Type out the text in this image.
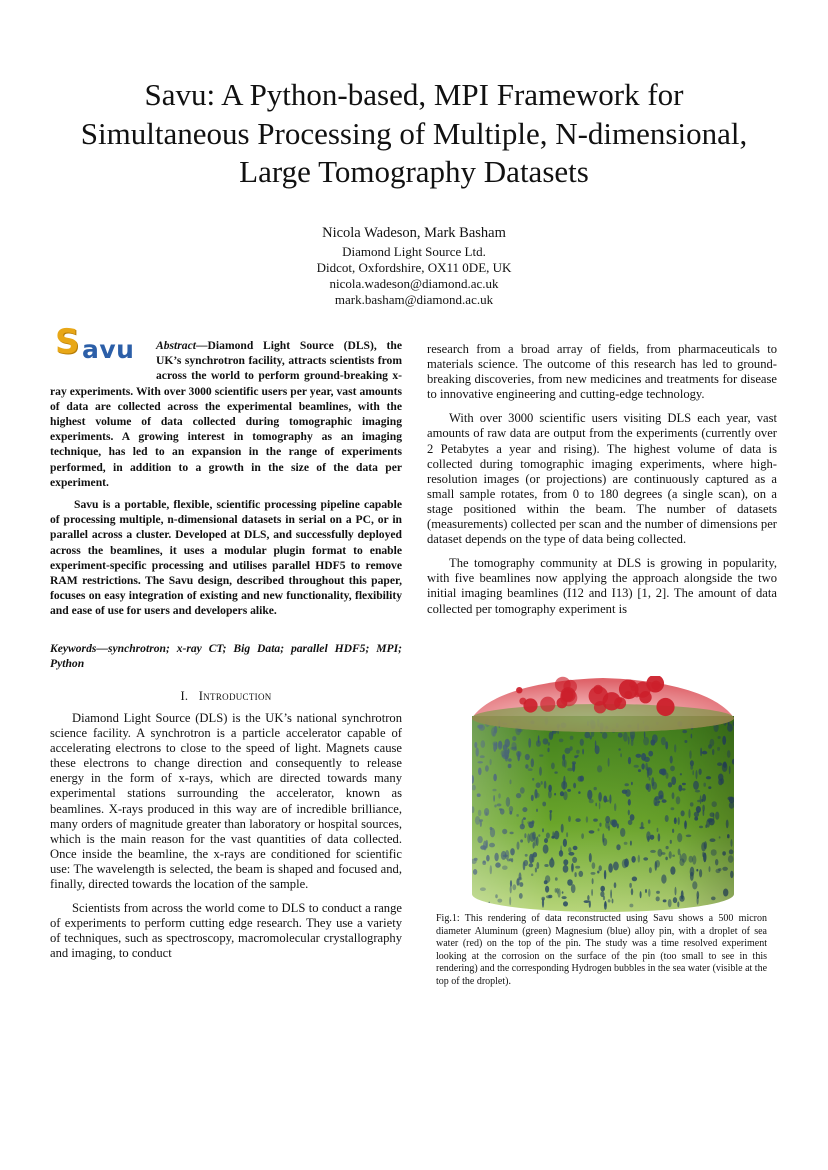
Savu: A Python-based, MPI Framework for
Simultaneous Processing of Multiple, N-dimensional,
Large Tomography Datasets
Nicola Wadeson, Mark Basham
Diamond Light Source Ltd.
Didcot, Oxfordshire, OX11 0DE, UK
nicola.wadeson@diamond.ac.uk
mark.basham@diamond.ac.uk
S avu	Abstract—Diamond Light Source (DLS), the UK’s synchrotron facility, attracts scientists from across the world to perform ground-breaking x-ray experiments. With over 3000 scientific users per year, vast amounts of data are collected across the experimental beamlines, with the highest volume of data collected during tomographic imaging experiments. A growing interest in tomography as an imaging technique, has led to an expansion in the range of experiments performed, in addition to a growth in the size of the data per experiment.

Savu is a portable, flexible, scientific processing pipeline capable of processing multiple, n-dimensional datasets in serial on a PC, or in parallel across a cluster. Developed at DLS, and successfully deployed across the beamlines, it uses a modular plugin format to enable experiment-specific processing and utilises parallel HDF5 to remove RAM restrictions. The Savu design, described throughout this paper, focuses on easy integration of existing and new functionality, flexibility and ease of use for users and developers alike.

Keywords—synchrotron; x-ray CT; Big Data; parallel HDF5; MPI; Python

I. Introduction

Diamond Light Source (DLS) is the UK’s national synchrotron science facility. A synchrotron is a particle accelerator capable of accelerating electrons to close to the speed of light. Magnets cause these electrons to change direction and consequently to release energy in the form of x-rays, which are directed towards many experimental stations surrounding the accelerator, known as beamlines. X-rays produced in this way are of incredible brilliance, many orders of magnitude greater than laboratory or hospital sources, which is the main reason for the vast quantities of data collected. Once inside the beamline, the x-rays are conditioned for scientific use: The wavelength is selected, the beam is shaped and focused and, finally, directed towards the location of the sample.

Scientists from across the world come to DLS to conduct a range of experiments to perform cutting edge research. They use a variety of techniques, such as spectroscopy, macromolecular crystallography and imaging, to conduct

research from a broad array of fields, from pharmaceuticals to materials science. The outcome of this research has led to ground-breaking discoveries, from new medicines and treatments for disease to innovative engineering and cutting-edge technology.

With over 3000 scientific users visiting DLS each year, vast amounts of raw data are output from the experiments (currently over 2 Petabytes a year and rising). The highest volume of data is collected during tomographic imaging experiments, where high-resolution images (or projections) are continuously captured as a small sample rotates, from 0 to 180 degrees (a single scan), on a stage positioned within the beam. The number of datasets (measurements) collected per scan and the number of dimensions per dataset depends on the type of data being collected.

The tomography community at DLS is growing in popularity, with five beamlines now applying the approach alongside the two initial imaging beamlines (I12 and I13) [1, 2]. The amount of data collected per tomography experiment is

Fig.1: This rendering of data reconstructed using Savu shows a 500 micron diameter Aluminum (green) Magnesium (blue) alloy pin, with a droplet of sea water (red) on the top of the pin. The study was a time resolved experiment looking at the corrosion on the surface of the pin (too small to see in this rendering) and the corresponding Hydrogen bubbles in the sea water (visible at the top of the droplet).
